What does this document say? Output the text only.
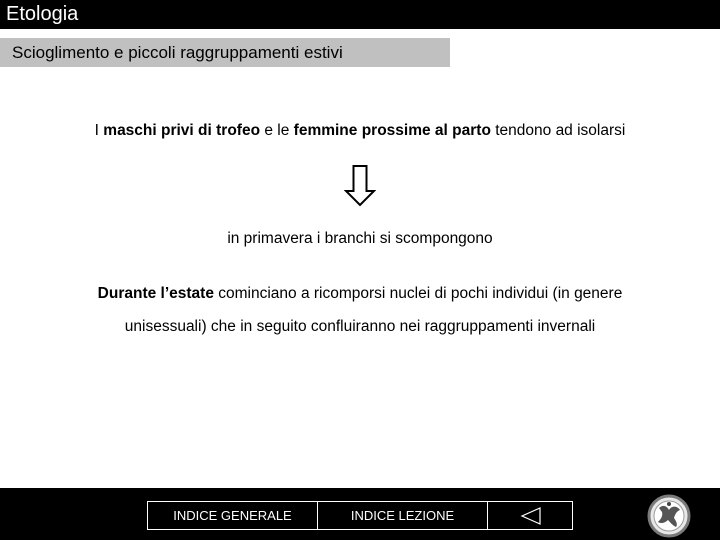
Etologia
Scioglimento e piccoli raggruppamenti estivi
I maschi privi di trofeo e le femmine prossime al parto tendono ad isolarsi
in primavera i branchi si scompongono
Durante l’estate cominciano a ricomporsi nuclei di pochi individui (in genere
unisessuali) che in seguito confluiranno nei raggruppamenti invernali
INDICE GENERALE	INDICE LEZIONE
